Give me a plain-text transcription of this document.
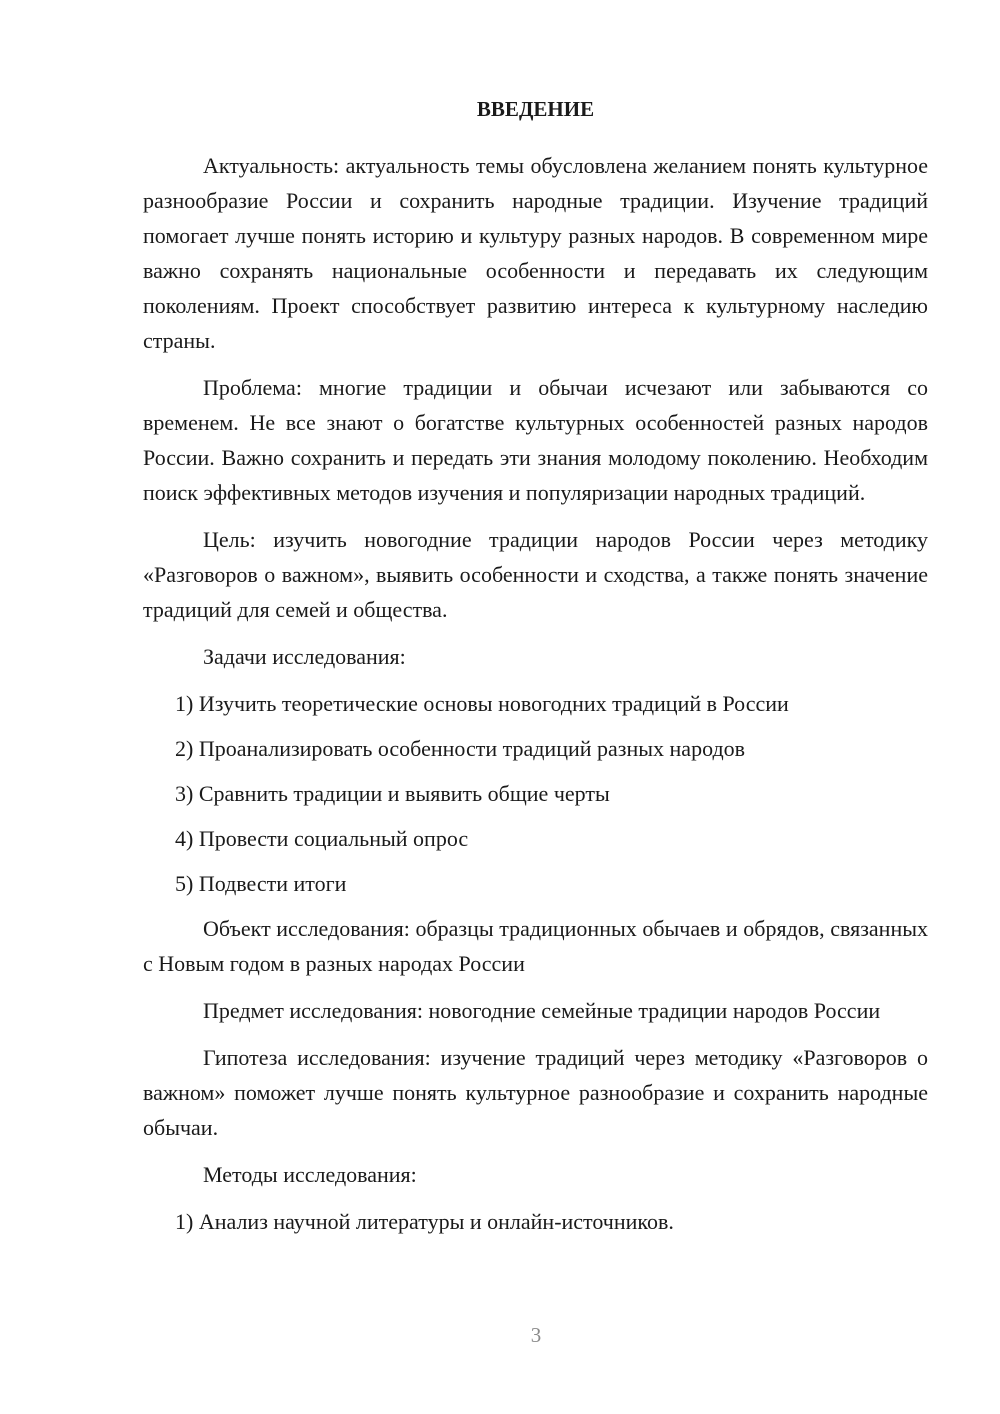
ВВЕДЕНИЕ

Актуальность: актуальность темы обусловлена желанием понять культурное разнообразие России и сохранить народные традиции. Изучение традиций помогает лучше понять историю и культуру разных народов. В современном мире важно сохранять национальные особенности и передавать их следующим поколениям. Проект способствует развитию интереса к культурному наследию страны.

Проблема: многие традиции и обычаи исчезают или забываются со временем. Не все знают о богатстве культурных особенностей разных народов России. Важно сохранить и передать эти знания молодому поколению. Необходим поиск эффективных методов изучения и популяризации народных традиций.

Цель: изучить новогодние традиции народов России через методику «Разговоров о важном», выявить особенности и сходства, а также понять значение традиций для семей и общества.

Задачи исследования:

1) Изучить теоретические основы новогодних традиций в России
2) Проанализировать особенности традиций разных народов
3) Сравнить традиции и выявить общие черты
4) Провести социальный опрос
5) Подвести итоги

Объект исследования: образцы традиционных обычаев и обрядов, связанных с Новым годом в разных народах России

Предмет исследования: новогодние семейные традиции народов России

Гипотеза исследования: изучение традиций через методику «Разговоров о важном» поможет лучше понять культурное разнообразие и сохранить народные обычаи.

Методы исследования:

1) Анализ научной литературы и онлайн-источников.
3
